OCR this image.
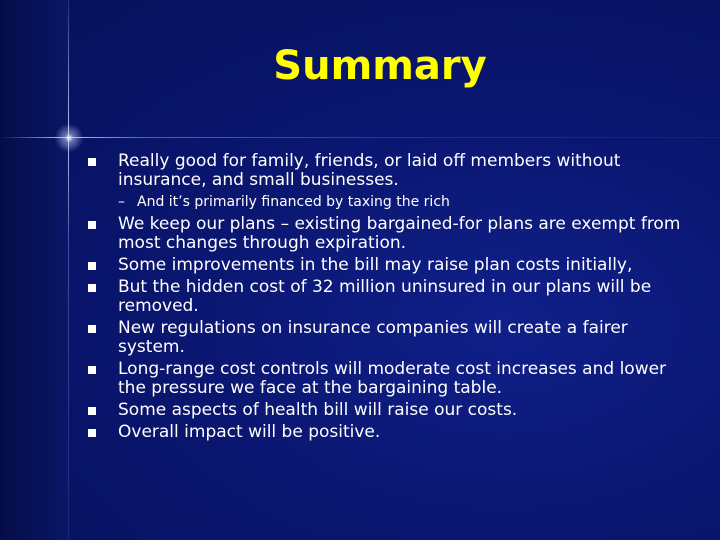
Summary
Really good for family, friends, or laid off members without insurance, and small businesses.
– And it’s primarily financed by taxing the rich
We keep our plans – existing bargained-for plans are exempt from most changes through expiration.
Some improvements in the bill may raise plan costs initially,
But the hidden cost of 32 million uninsured in our plans will be removed.
New regulations on insurance companies will create a fairer system.
Long-range cost controls will moderate cost increases and lower the pressure we face at the bargaining table.
Some aspects of health bill will raise our costs.
Overall impact will be positive.
